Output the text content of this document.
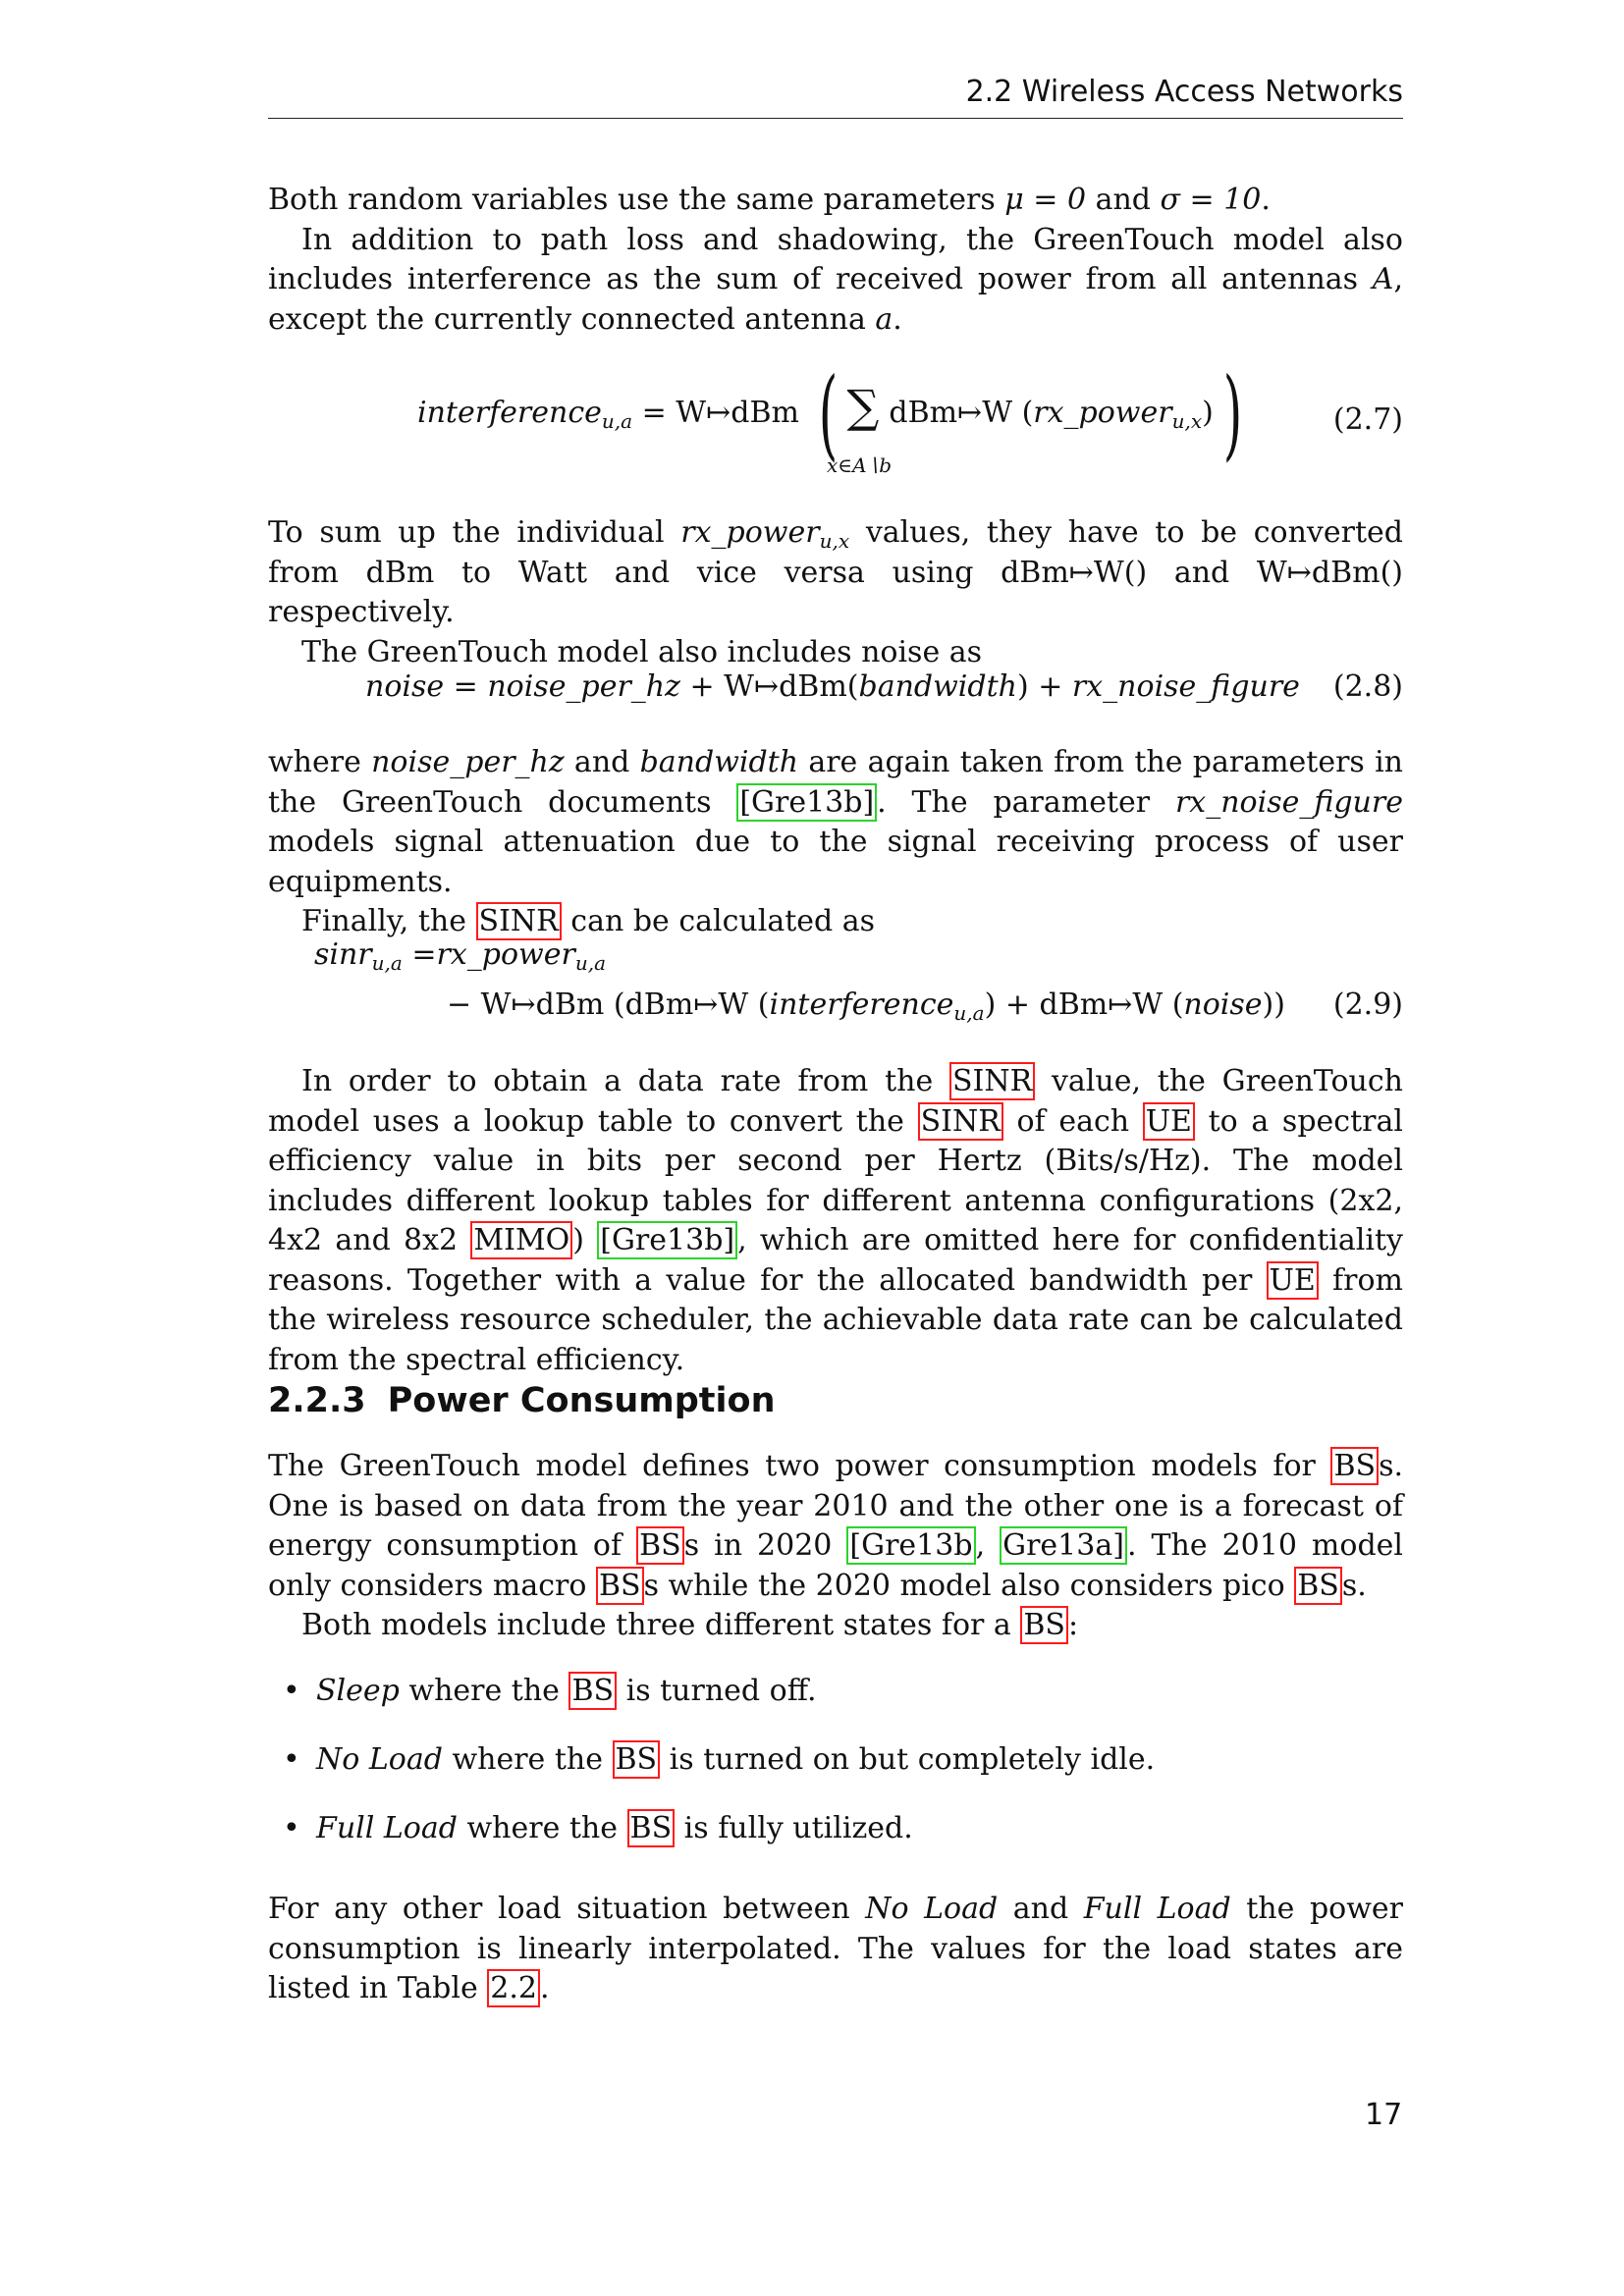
2.2 Wireless Access Networks

Both random variables use the same parameters μ = 0 and σ = 10.

In addition to path loss and shadowing, the GreenTouch model also includes interference as the sum of received power from all antennas A, except the currently connected antenna a.

interference$_{u,a}$ = W↦dBm ( ∑ dBm↦W (rx_power$_{u,x}$))
x∈A∖b
(2.7)

To sum up the individual rx_power$_{u,x}$ values, they have to be converted from dBm to Watt and vice versa using dBm↦W() and W↦dBm() respectively.

The GreenTouch model also includes noise as

noise = noise_per_hz + W↦dBm(bandwidth) + rx_noise_figure (2.8)

where noise_per_hz and bandwidth are again taken from the parameters in the GreenTouch documents [Gre13b] . The parameter rx_noise_figure models signal attenuation due to the signal receiving process of user equipments.

Finally, the SINR can be calculated as

sinr$_{u,a}$ =rx_power$_{u,a}$
− W↦dBm (dBm↦W (interference$_{u,a}$) + dBm↦W (noise)) (2.9)

In order to obtain a data rate from the SINR value, the GreenTouch model uses a lookup table to convert the SINR of each UE to a spectral efficiency value in bits per second per Hertz (Bits/s/Hz). The model includes different lookup tables for different antenna configurations (2x2, 4x2 and 8x2 MIMO ) [Gre13b] , which are omitted here for confidentiality reasons. Together with a value for the allocated bandwidth per UE from the wireless resource scheduler, the achievable data rate can be calculated from the spectral efficiency.

2.2.3 Power Consumption

The GreenTouch model defines two power consumption models for BS s. One is based on data from the year 2010 and the other one is a forecast of energy consumption of BS s in 2020 [Gre13b , Gre13a] . The 2010 model only considers macro BS s while the 2020 model also considers pico BS s.

Both models include three different states for a BS :

• Sleep where the BS is turned off.
• No Load where the BS is turned on but completely idle.
• Full Load where the BS is fully utilized.

For any other load situation between No Load and Full Load the power consumption is linearly interpolated. The values for the load states are listed in Table 2.2 .

17
